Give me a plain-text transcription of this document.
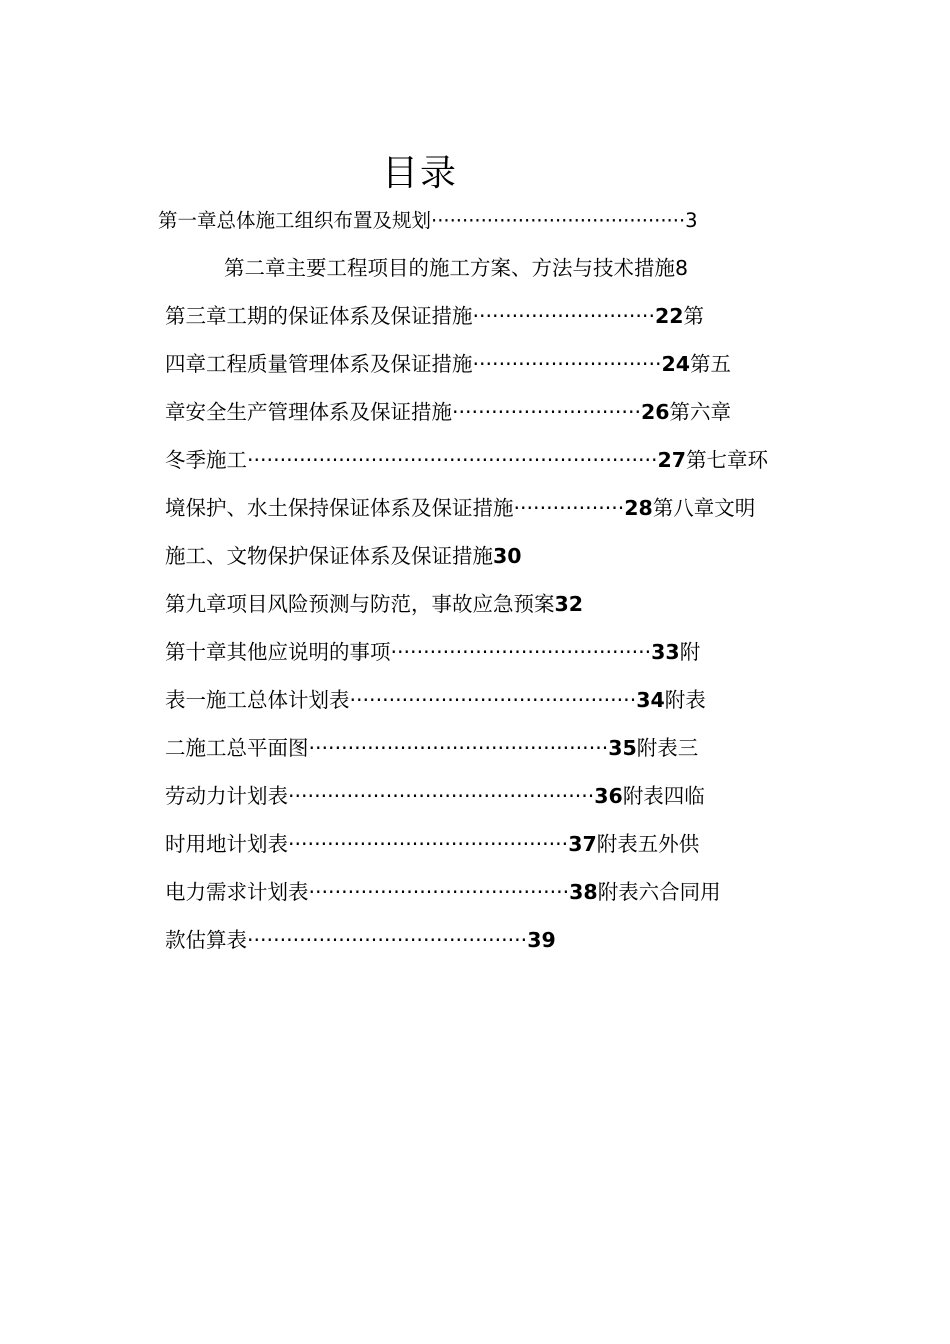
目录
第一章总体施工组织布置及规划·········································3
第二章主要工程项目的施工方案、方法与技术措施8
第三章工期的保证体系及保证措施····························22第
四章工程质量管理体系及保证措施·····························24第五
章安全生产管理体系及保证措施·····························26第六章
冬季施工·······························································27第七章环
境保护、水土保持保证体系及保证措施·················28第八章文明
施工、文物保护保证体系及保证措施30
第九章项目风险预测与防范，事故应急预案32
第十章其他应说明的事项········································33附
表一施工总体计划表············································34附表
二施工总平面图··············································35附表三
劳动力计划表···············································36附表四临
时用地计划表···········································37附表五外供
电力需求计划表········································38附表六合同用
款估算表···········································39
